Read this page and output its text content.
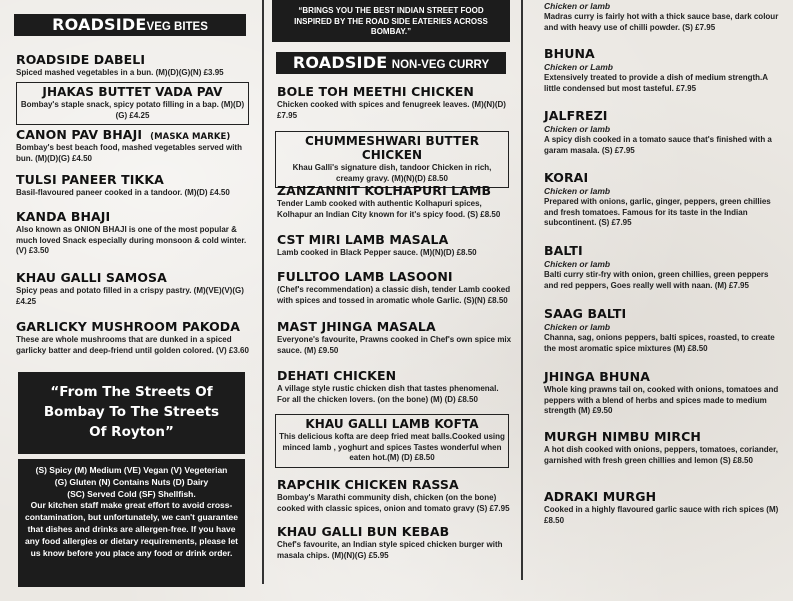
ROADSIDEVEG BITES
ROADSIDE DABELI
Spiced mashed vegetables in a bun. (M)(D)(G)(N) £3.95
JHAKAS BUTTET VADA PAV
Bombay's staple snack, spicy potato filling in a bap. (M)(D)(G) £4.25
CANON PAV BHAJI (MASKA MARKE)
Bombay's best beach food, mashed vegetables served with bun. (M)(D)(G) £4.50
TULSI PANEER TIKKA
Basil-flavoured paneer cooked in a tandoor. (M)(D) £4.50
KANDA BHAJI
Also known as ONION BHAJI is one of the most popular & much loved Snack especially during monsoon & cold winter. (V) £3.50
KHAU GALLI SAMOSA
Spicy peas and potato filled in a crispy pastry. (M)(VE)(V)(G) £4.25
GARLICKY MUSHROOM PAKODA
These are whole mushrooms that are dunked in a spiced garlicky batter and deep-friend until golden colored. (V) £3.60
“From The Streets Of
Bombay To The Streets
Of Royton”
(S) Spicy (M) Medium (VE) Vegan (V) Vegeterian
(G) Gluten (N) Contains Nuts (D) Dairy
(SC) Served Cold (SF) Shellfish.
Our kitchen staff make great effort to avoid cross-contamination, but unfortunately, we can't guarantee that dishes and drinks are allergen-free. If you have any food allergies or dietary requirements, please let us know before you place any food or drink order.
“BRINGS YOU THE BEST INDIAN STREET FOOD INSPIRED BY THE ROAD SIDE EATERIES ACROSS BOMBAY.”
ROADSIDE NON-VEG CURRY
BOLE TOH MEETHI CHICKEN
Chicken cooked with spices and fenugreek leaves. (M)(N)(D) £7.95
CHUMMESHWARI BUTTER CHICKEN
Khau Galli's signature dish, tandoor Chicken in rich, creamy gravy. (M)(N)(D) £8.50
ZANZANNIT KOLHAPURI LAMB
Tender Lamb cooked with authentic Kolhapuri spices, Kolhapur an Indian City known for it's spicy food. (S) £8.50
CST MIRI LAMB MASALA
Lamb cooked in Black Pepper sauce. (M)(N)(D) £8.50
FULLTOO LAMB LASOONI
(Chef's recommendation) a classic dish, tender Lamb cooked with spices and tossed in aromatic whole Garlic. (S)(N) £8.50
MAST JHINGA MASALA
Everyone's favourite, Prawns cooked in Chef's own spice mix sauce. (M) £9.50
DEHATI CHICKEN
A village style rustic chicken dish that tastes phenomenal. For all the chicken lovers. (on the bone) (M) (D) £8.50
KHAU GALLI LAMB KOFTA
This delicious kofta are deep fried meat balls.Cooked using minced lamb , yoghurt and spices Tastes wonderful when eaten hot.(M) (D) £8.50
RAPCHIK CHICKEN RASSA
Bombay's Marathi community dish, chicken (on the bone) cooked with classic spices, onion and tomato gravy (S) £7.95
KHAU GALLI BUN KEBAB
Chef's favourite, an Indian style spiced chicken burger with masala chips. (M)(N)(G) £5.95
Chicken or lamb
Madras curry is fairly hot with a thick sauce base, dark colour and with heavy use of chilli powder. (S) £7.95
BHUNA
Chicken or Lamb
Extensively treated to provide a dish of medium strength.A little condensed but most tasteful. £7.95
JALFREZI
Chicken or lamb
A spicy dish cooked in a tomato sauce that's finished with a garam masala. (S) £7.95
KORAI
Chicken or lamb
Prepared with onions, garlic, ginger, peppers, green chillies and fresh tomatoes. Famous for its taste in the Indian subcontinent. (S) £7.95
BALTI
Chicken or lamb
Balti curry stir-fry with onion, green chillies, green peppers and red peppers, Goes really well with naan. (M) £7.95
SAAG BALTI
Chicken or lamb
Channa, sag, onions peppers, balti spices, roasted, to create the most aromatic spice mixtures (M) £8.50
JHINGA BHUNA
Whole king prawns tail on, cooked with onions, tomatoes and peppers with a blend of herbs and spices made to medium strength (M) £9.50
MURGH NIMBU MIRCH
A hot dish cooked with onions, peppers, tomatoes, coriander, garnished with fresh green chillies and lemon (S) £8.50
ADRAKI MURGH
Cooked in a highly flavoured garlic sauce with rich spices (M) £8.50
